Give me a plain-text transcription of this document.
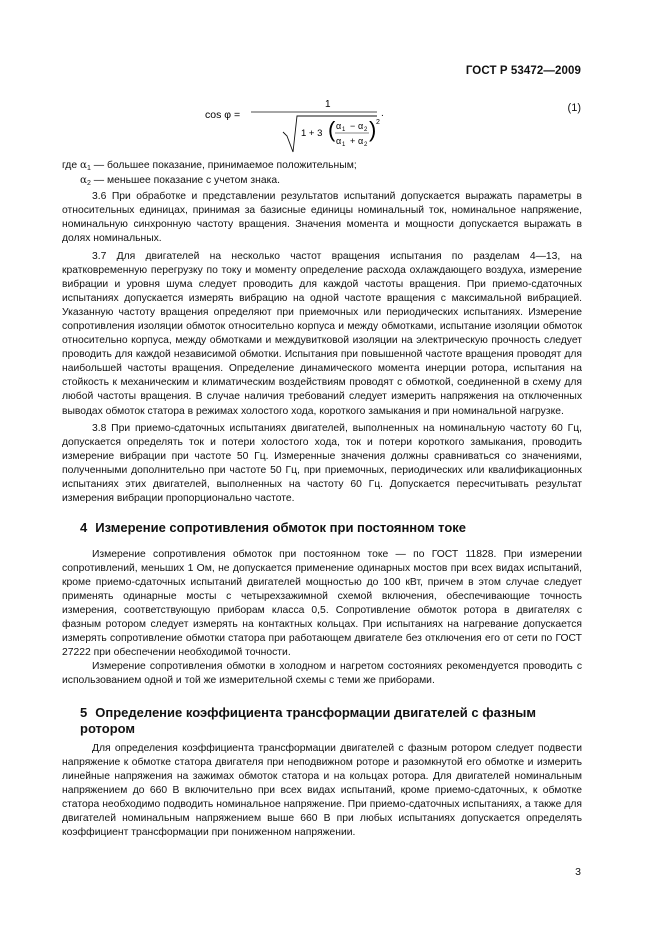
ГОСТ Р 53472—2009
cos φ =
1
1 + 3 ( α 1 − α 2
α 1 + α 2
) 2
.	(1)
где $\alpha_1$ — большее показание, принимаемое положительным;
$\alpha_2$ — меньшее показание с учетом знака.

3.6 При обработке и представлении результатов испытаний допускается выражать параметры в относительных единицах, принимая за базисные единицы номинальный ток, номинальное напряжение, номинальную синхронную частоту вращения. Значения момента и мощности допускается выражать в долях номинальных.

3.7 Для двигателей на несколько частот вращения испытания по разделам 4—13, на кратковременную перегрузку по току и моменту определение расхода охлаждающего воздуха, измерение вибрации и уровня шума следует проводить для каждой частоты вращения. При приемо-сдаточных испытаниях допускается измерять вибрацию на одной частоте вращения с максимальной вибрацией. Указанную частоту вращения определяют при приемочных или периодических испытаниях. Измерение сопротивления изоляции обмоток относительно корпуса и между обмотками, испытание изоляции обмоток относительно корпуса, между обмотками и междувитковой изоляции на электрическую прочность следует проводить для каждой независимой обмотки. Испытания при повышенной частоте вращения проводят для наибольшей частоты вращения. Определение динамического момента инерции ротора, испытания на стойкость к механическим и климатическим воздействиям проводят с обмоткой, соединенной в схему для любой частоты вращения. В случае наличия требований следует измерить напряжения на отключенных выводах обмоток статора в режимах холостого хода, короткого замыкания и при номинальной нагрузке.

3.8 При приемо-сдаточных испытаниях двигателей, выполненных на номинальную частоту 60 Гц, допускается определять ток и потери холостого хода, ток и потери короткого замыкания, проводить измерение вибрации при частоте 50 Гц. Измеренные значения должны сравниваться со значениями, полученными дополнительно при частоте 50 Гц, при приемочных, периодических или квалификационных испытаниях этих двигателей, выполненных на частоту 60 Гц. Допускается пересчитывать результат измерения вибрации пропорционально частоте.

4 Измерение сопротивления обмоток при постоянном токе

Измерение сопротивления обмоток при постоянном токе — по ГОСТ 11828. При измерении сопротивлений, меньших 1 Ом, не допускается применение одинарных мостов при всех видах испытаний, кроме приемо-сдаточных испытаний двигателей мощностью до 100 кВт, причем в этом случае следует применять одинарные мосты с четырехзажимной схемой включения, обеспечивающие точность измерения, соответствующую приборам класса 0,5. Сопротивление обмоток ротора в двигателях с фазным ротором следует измерять на контактных кольцах. При испытаниях на нагревание допускается измерять сопротивление обмотки статора при работающем двигателе без отключения его от сети по ГОСТ 27222 при обеспечении необходимой точности.

Измерение сопротивления обмотки в холодном и нагретом состояниях рекомендуется проводить с использованием одной и той же измерительной схемы с теми же приборами.

5 Определение коэффициента трансформации двигателей с фазным ротором

Для определения коэффициента трансформации двигателей с фазным ротором следует подвести напряжение к обмотке статора двигателя при неподвижном роторе и разомкнутой его обмотке и измерить линейные напряжения на зажимах обмоток статора и на кольцах ротора. Для двигателей номинальным напряжением до 660 В включительно при всех видах испытаний, кроме приемо-сдаточных, к обмотке статора необходимо подводить номинальное напряжение. При приемо-сдаточных испытаниях, а также для двигателей номинальным напряжением выше 660 В при любых испытаниях допускается определять коэффициент трансформации при пониженном напряжении.

3
